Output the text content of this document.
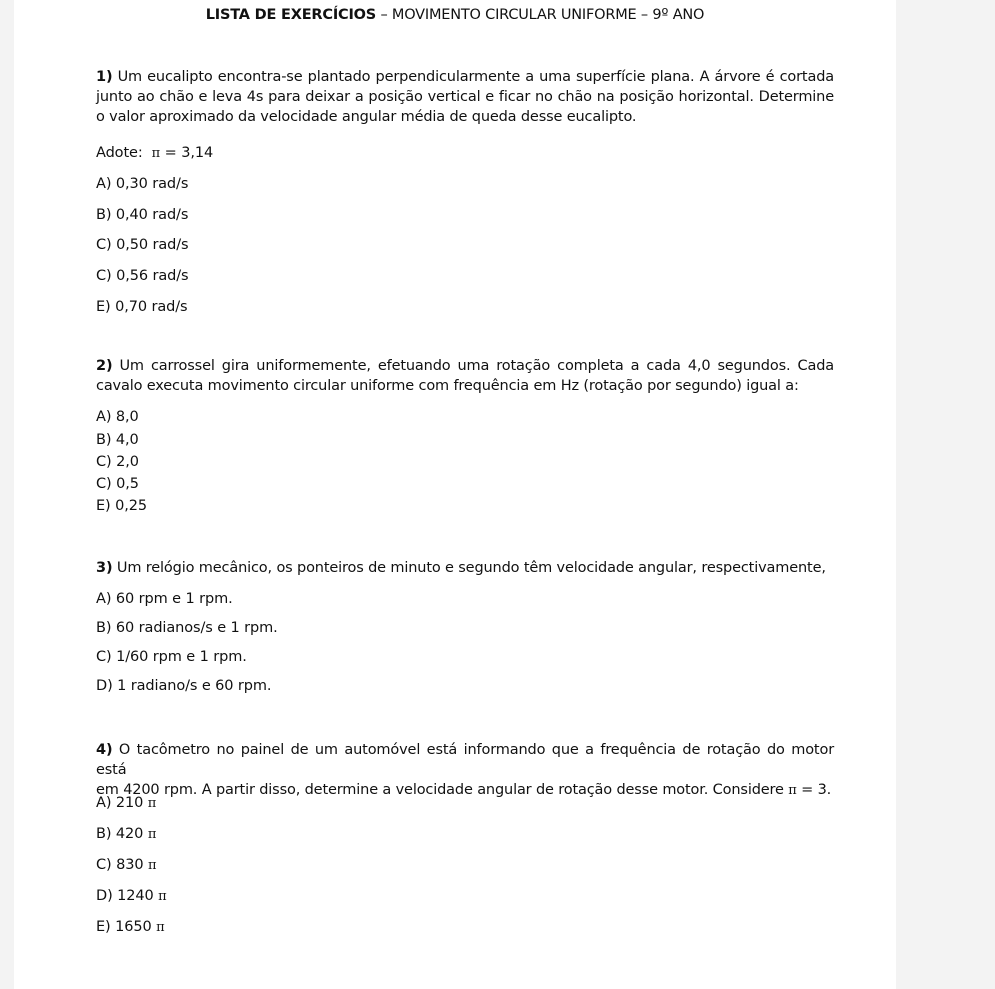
LISTA DE EXERCÍCIOS – MOVIMENTO CIRCULAR UNIFORME – 9º ANO
1) Um eucalipto encontra-se plantado perpendicularmente a uma superfície plana. A árvore é cortada junto ao chão e leva 4s para deixar a posição vertical e ficar no chão na posição horizontal. Determine o valor aproximado da velocidade angular média de queda desse eucalipto.
Adote: π = 3,14
A) 0,30 rad/s
B) 0,40 rad/s
C) 0,50 rad/s
C) 0,56 rad/s
E) 0,70 rad/s
2) Um carrossel gira uniformemente, efetuando uma rotação completa a cada 4,0 segundos. Cada cavalo executa movimento circular uniforme com frequência em Hz (rotação por segundo) igual a:
A) 8,0
B) 4,0
C) 2,0
C) 0,5
E) 0,25
3) Um relógio mecânico, os ponteiros de minuto e segundo têm velocidade angular, respectivamente,
A) 60 rpm e 1 rpm.
B) 60 radianos/s e 1 rpm.
C) 1/60 rpm e 1 rpm.
D) 1 radiano/s e 60 rpm.
4) O tacômetro no painel de um automóvel está informando que a frequência de rotação do motor está
em 4200 rpm. A partir disso, determine a velocidade angular de rotação desse motor. Considere π = 3.
A) 210 π
B) 420 π
C) 830 π
D) 1240 π
E) 1650 π
